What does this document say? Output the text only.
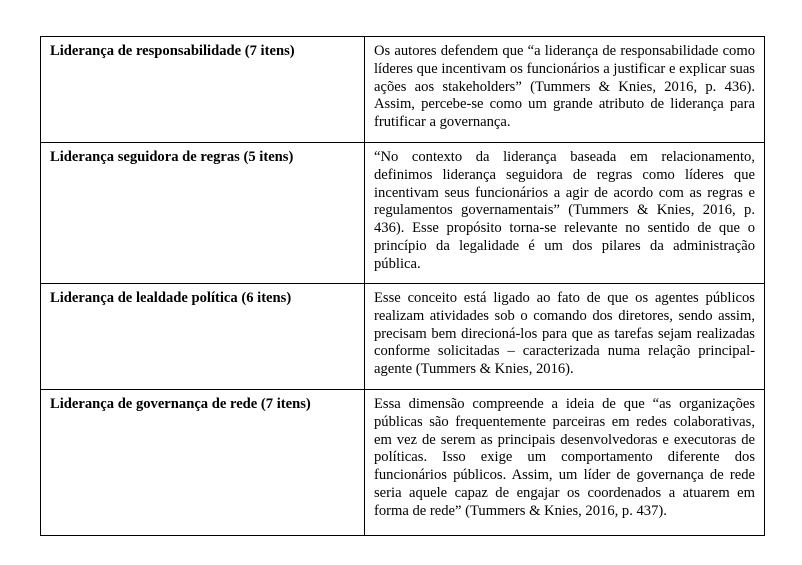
Liderança de responsabilidade (7 itens)	Os autores defendem que “a liderança de responsabilidade como líderes que incentivam os funcionários a justificar e explicar suas ações aos stakeholders” (Tummers & Knies, 2016, p. 436). Assim, percebe-se como um grande atributo de liderança para frutificar a governança.

Liderança seguidora de regras (5 itens)	“No contexto da liderança baseada em relacionamento, definimos liderança seguidora de regras como líderes que incentivam seus funcionários a agir de acordo com as regras e regulamentos governamentais” (Tummers & Knies, 2016, p. 436). Esse propósito torna-se relevante no sentido de que o princípio da legalidade é um dos pilares da administração pública.

Liderança de lealdade política (6 itens)	Esse conceito está ligado ao fato de que os agentes públicos realizam atividades sob o comando dos diretores, sendo assim, precisam bem direcioná-los para que as tarefas sejam realizadas conforme solicitadas – caracterizada numa relação principal-agente (Tummers & Knies, 2016).

Liderança de governança de rede (7 itens)	Essa dimensão compreende a ideia de que “as organizações públicas são frequentemente parceiras em redes colaborativas, em vez de serem as principais desenvolvedoras e executoras de políticas. Isso exige um comportamento diferente dos funcionários públicos. Assim, um líder de governança de rede seria aquele capaz de engajar os coordenados a atuarem em forma de rede” (Tummers & Knies, 2016, p. 437).
